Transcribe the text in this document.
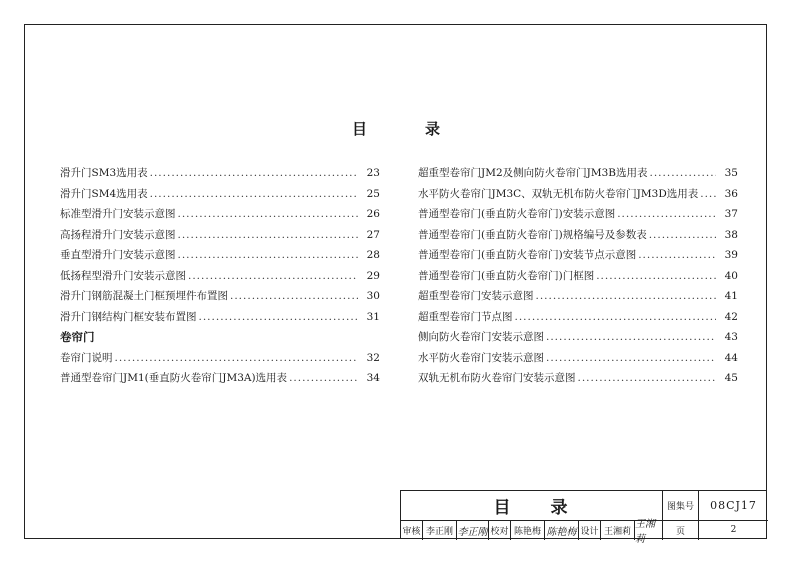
目	录
滑升门SM3选用表 .....	23
滑升门SM4选用表 .....	25
标准型滑升门安装示意图 .....	26
高扬程滑升门安装示意图 .....	27
垂直型滑升门安装示意图 .....	28
低扬程型滑升门安装示意图 .....	29
滑升门钢筋混凝土门框预埋件布置图 .....	30
滑升门钢结构门框安装布置图 .....	31
卷帘门
卷帘门说明 .....	32
普通型卷帘门JM1(垂直防火卷帘门JM3A)选用表 .....	34
超重型卷帘门JM2及侧向防火卷帘门JM3B选用表 .....	35
水平防火卷帘门JM3C、双轨无机布防火卷帘门JM3D选用表 .....	36
普通型卷帘门(垂直防火卷帘门)安装示意图 .....	37
普通型卷帘门(垂直防火卷帘门)规格编号及参数表 .....	38
普通型卷帘门(垂直防火卷帘门)安装节点示意图 .....	39
普通型卷帘门(垂直防火卷帘门)门框图 .....	40
超重型卷帘门安装示意图 .....	41
超重型卷帘门节点图 .....	42
侧向防火卷帘门安装示意图 .....	43
水平防火卷帘门安装示意图 .....	44
双轨无机布防火卷帘门安装示意图 .....	45
目　　录	图集号	08CJ17
审核 李正刚 李正刚 校对 陈艳梅 陈艳梅 设计 王湘莉
王湘莉
页	2
